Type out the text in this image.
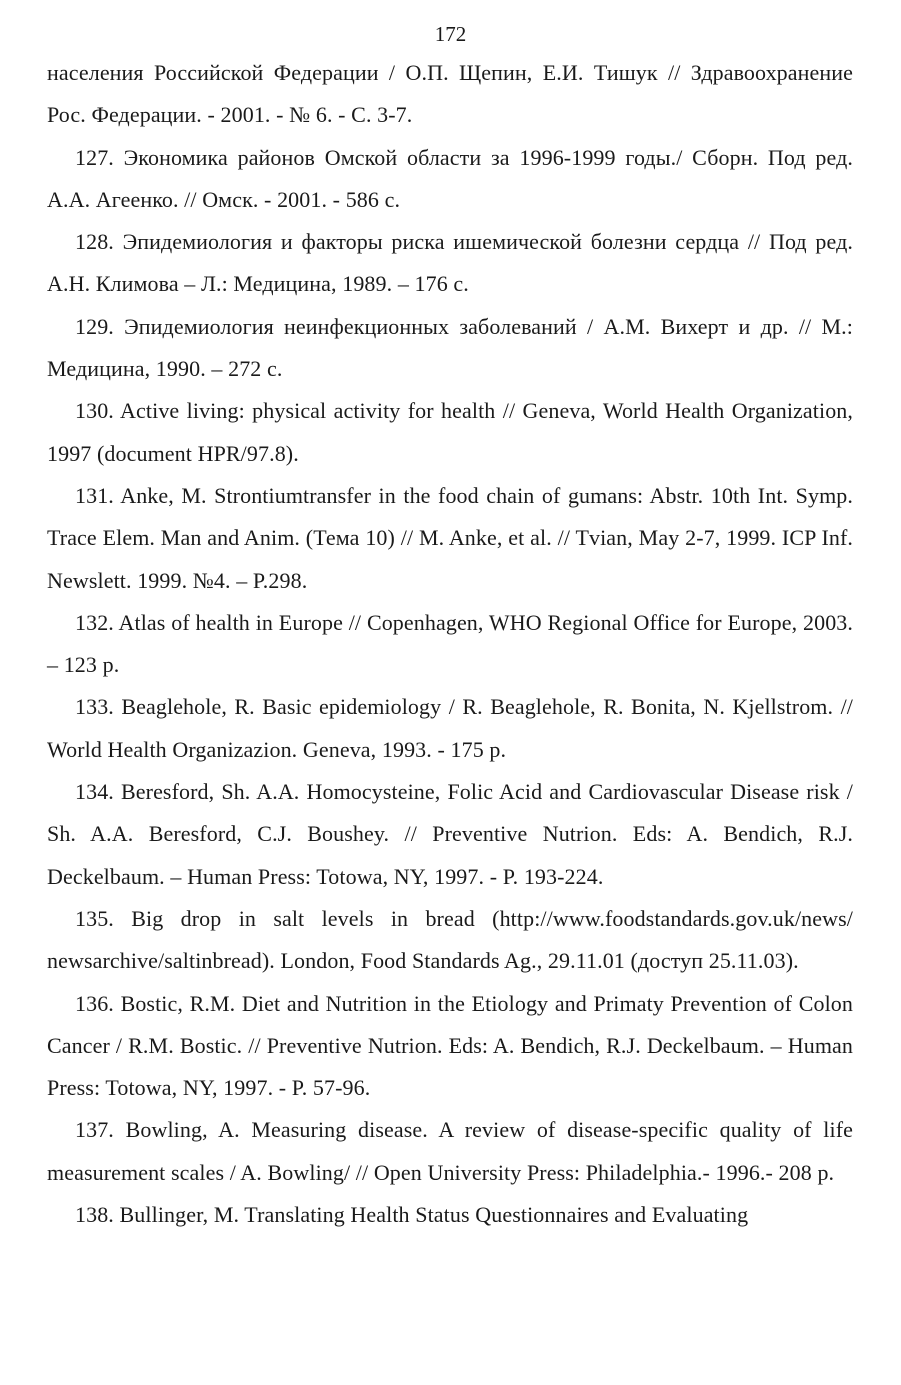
172

населения Российской Федерации / О.П. Щепин, Е.И. Тишук // Здравоохранение Рос. Федерации. - 2001. - № 6. - С. 3-7.

127. Экономика районов Омской области за 1996-1999 годы./ Сборн. Под ред. А.А. Агеенко. // Омск. - 2001. - 586 с.

128. Эпидемиология и факторы риска ишемической болезни сердца // Под ред. А.Н. Климова – Л.: Медицина, 1989. – 176 с.

129. Эпидемиология неинфекционных заболеваний / А.М. Вихерт и др. // М.: Медицина, 1990. – 272 с.

130. Active living: physical activity for health // Geneva, World Health Organization, 1997 (document HPR/97.8).

131. Anke, M. Strontiumtransfer in the food chain of gumans: Abstr. 10th Int. Symp. Trace Elem. Man and Anim. (Тема 10) // M. Anke, et al. // Tvian, May 2-7, 1999. ICP Inf. Newslett. 1999. №4. – P.298.

132. Atlas of health in Europe // Copenhagen, WHO Regional Office for Europe, 2003. – 123 p.

133. Beaglehole, R. Basic epidemiology / R. Beaglehole, R. Bonita, N. Kjellstrom. // World Health Organizazion. Geneva, 1993. - 175 p.

134. Beresford, Sh. A.A. Homocysteine, Folic Acid and Cardiovascular Disease risk / Sh. A.A. Beresford, C.J. Boushey. // Preventive Nutrion. Eds: A. Bendich, R.J. Deckelbaum. – Human Press: Totowa, NY, 1997. - P. 193-224.

135. Big drop in salt levels in bread (http://www.foodstandards.gov.uk/news/ newsarchive/saltinbread). London, Food Standards Ag., 29.11.01 (доступ 25.11.03).

136. Bostic, R.M. Diet and Nutrition in the Etiology and Primaty Prevention of Colon Cancer / R.M. Bostic. // Preventive Nutrion. Eds: A. Bendich, R.J. Deckelbaum. – Human Press: Totowa, NY, 1997. - P. 57-96.

137. Bowling, A. Measuring disease. A review of disease-specific quality of life measurement scales / A. Bowling/ // Open University Press: Philadelphia.- 1996.- 208 p.

138. Bullinger, M. Translating Health Status Questionnaires and Evaluating
